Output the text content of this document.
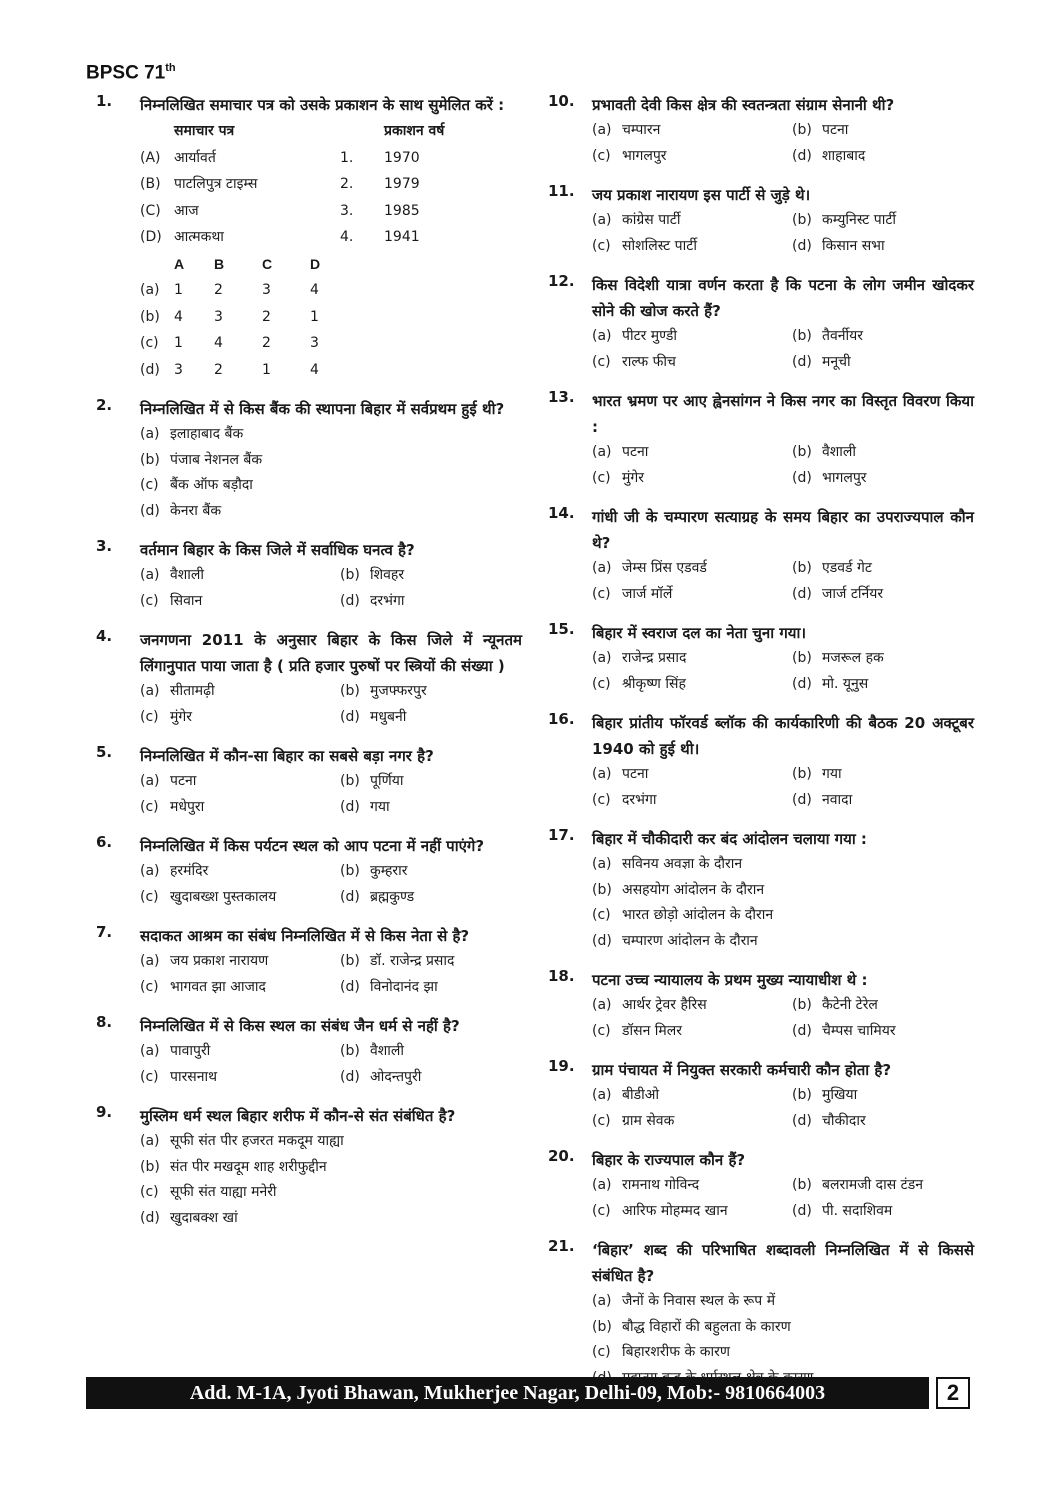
BPSC 71th
1.	निम्नलिखित समाचार पत्र को उसके प्रकाशन के साथ सुमेलित करें :
समाचार पत्र	प्रकाशन वर्ष
(A) आर्यावर्त	1.	1970
(B) पाटलिपुत्र टाइम्स	2.	1979
(C) आज	3.	1985
(D) आत्मकथा	4.	1941
A	B	C	D
(a)	1	2	3	4
(b)	4	3	2	1
(c)	1	4	2	3
(d)	3	2	1	4
2.	निम्नलिखित में से किस बैंक की स्थापना बिहार में सर्वप्रथम हुई थी?
(a) इलाहाबाद बैंक
(b) पंजाब नेशनल बैंक
(c) बैंक ऑफ बड़ौदा
(d) केनरा बैंक
3.	वर्तमान बिहार के किस जिले में सर्वाधिक घनत्व है?
(a) वैशाली	(b) शिवहर
(c) सिवान	(d) दरभंगा
4.	जनगणना 2011 के अनुसार बिहार के किस जिले में न्यूनतम लिंगानुपात पाया जाता है ( प्रति हजार पुरुषों पर स्त्रियों की संख्या )
(a) सीतामढ़ी	(b) मुजफ्फरपुर
(c) मुंगेर	(d) मधुबनी
5.	निम्नलिखित में कौन-सा बिहार का सबसे बड़ा नगर है?
(a) पटना	(b) पूर्णिया
(c) मधेपुरा	(d) गया
6.	निम्नलिखित में किस पर्यटन स्थल को आप पटना में नहीं पाएंगे?
(a) हरमंदिर	(b) कुम्हरार
(c) खुदाबख्श पुस्तकालय	(d) ब्रह्मकुण्ड
7.	सदाकत आश्रम का संबंध निम्नलिखित में से किस नेता से है?
(a) जय प्रकाश नारायण	(b) डॉ. राजेन्द्र प्रसाद
(c) भागवत झा आजाद	(d) विनोदानंद झा
8.	निम्नलिखित में से किस स्थल का संबंध जैन धर्म से नहीं है?
(a) पावापुरी	(b) वैशाली
(c) पारसनाथ	(d) ओदन्तपुरी
9.	मुस्लिम धर्म स्थल बिहार शरीफ में कौन-से संत संबंधित है?
(a) सूफी संत पीर हजरत मकदूम याह्या
(b) संत पीर मखदूम शाह शरीफुद्दीन
(c) सूफी संत याह्या मनेरी
(d) खुदाबक्श खां
10.	प्रभावती देवी किस क्षेत्र की स्वतन्त्रता संग्राम सेनानी थी?
(a) चम्पारन	(b) पटना
(c) भागलपुर	(d) शाहाबाद
11.	जय प्रकाश नारायण इस पार्टी से जुड़े थे।
(a) कांग्रेस पार्टी	(b) कम्युनिस्ट पार्टी
(c) सोशलिस्ट पार्टी	(d) किसान सभा
12.	किस विदेशी यात्रा वर्णन करता है कि पटना के लोग जमीन खोदकर सोने की खोज करते हैं?
(a) पीटर मुण्डी	(b) तैवर्नीयर
(c) राल्फ फीच	(d) मनूची
13.	भारत भ्रमण पर आए ह्वेनसांगन ने किस नगर का विस्तृत विवरण किया :
(a) पटना	(b) वैशाली
(c) मुंगेर	(d) भागलपुर
14.	गांधी जी के चम्पारण सत्याग्रह के समय बिहार का उपराज्यपाल कौन थे?
(a) जेम्स प्रिंस एडवर्ड	(b) एडवर्ड गेट
(c) जार्ज मॉर्ले	(d) जार्ज टर्नियर
15.	बिहार में स्वराज दल का नेता चुना गया।
(a) राजेन्द्र प्रसाद	(b) मजरूल हक
(c) श्रीकृष्ण सिंह	(d) मो. यूनुस
16.	बिहार प्रांतीय फॉरवर्ड ब्लॉक की कार्यकारिणी की बैठक 20 अक्टूबर 1940 को हुई थी।
(a) पटना	(b) गया
(c) दरभंगा	(d) नवादा
17.	बिहार में चौकीदारी कर बंद आंदोलन चलाया गया :
(a) सविनय अवज्ञा के दौरान
(b) असहयोग आंदोलन के दौरान
(c) भारत छोड़ो आंदोलन के दौरान
(d) चम्पारण आंदोलन के दौरान
18.	पटना उच्च न्यायालय के प्रथम मुख्य न्यायाधीश थे :
(a) आर्थर ट्रेवर हैरिस	(b) कैटेनी टेरेल
(c) डॉसन मिलर	(d) चैम्पस चामियर
19.	ग्राम पंचायत में नियुक्त सरकारी कर्मचारी कौन होता है?
(a) बीडीओ	(b) मुखिया
(c) ग्राम सेवक	(d) चौकीदार
20.	बिहार के राज्यपाल कौन हैं?
(a) रामनाथ गोविन्द	(b) बलरामजी दास टंडन
(c) आरिफ मोहम्मद खान	(d) पी. सदाशिवम
21.	‘बिहार’ शब्द की परिभाषित शब्दावली निम्नलिखित में से किससे संबंधित है?
(a) जैनों के निवास स्थल के रूप में
(b) बौद्ध विहारों की बहुलता के कारण
(c) बिहारशरीफ के कारण
Add. M-1A, Jyoti Bhawan, Mukherjee Nagar, Delhi-09, Mob:- 9810664003	2
